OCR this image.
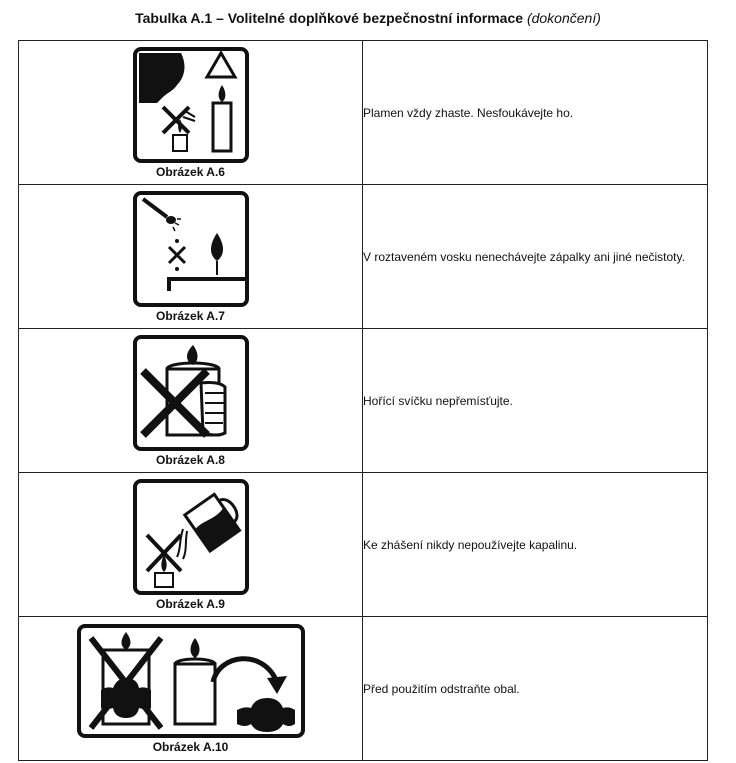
Tabulka A.1 – Volitelné doplňkové bezpečnostní informace (dokončení)
Obrázek A.6	Plamen vždy zhaste. Nesfoukávejte ho.

Obrázek A.7	V roztaveném vosku nenechávejte zápalky ani jiné nečistoty.

Obrázek A.8	Hořící svíčku nepřemísťujte.

Obrázek A.9	Ke zhášení nikdy nepoužívejte kapalinu.

Obrázek A.10	Před použitím odstraňte obal.
